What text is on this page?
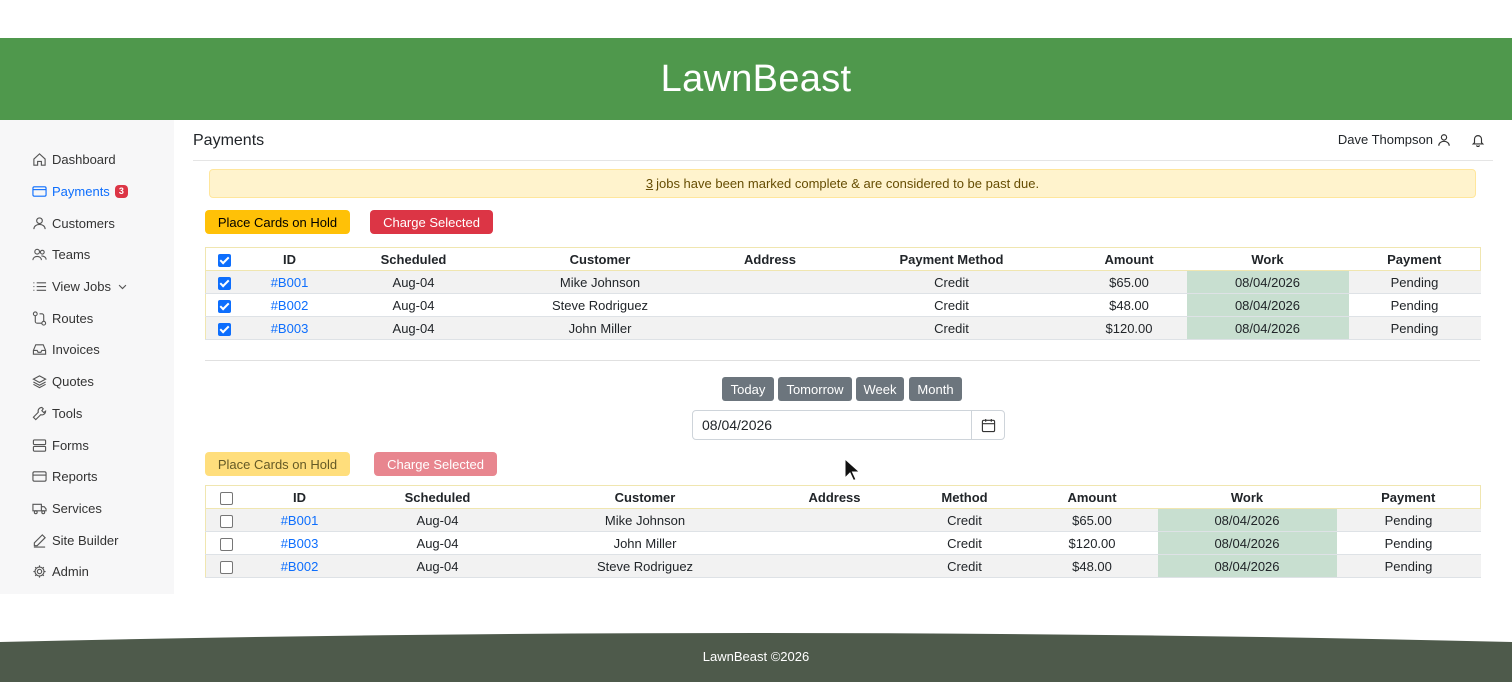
LawnBeast
Dashboard
Payments	3
Customers
Teams
View Jobs
Routes
Invoices
Quotes
Tools
Forms
Reports
Services
Site Builder
Admin
Payments	Dave Thompson
3 jobs have been marked complete & are considered to be past due.
Place Cards on Hold	Charge Selected
	ID	Scheduled	Customer	Address	Payment Method	Amount	Work	Payment
	#B001	Aug-04	Mike Johnson		Credit	$65.00	08/04/2026	Pending
	#B002	Aug-04	Steve Rodriguez		Credit	$48.00	08/04/2026	Pending
	#B003	Aug-04	John Miller		Credit	$120.00	08/04/2026	Pending
Today	Tomorrow	Week	Month
08/04/2026
Place Cards on Hold	Charge Selected
	ID	Scheduled	Customer	Address	Method	Amount	Work	Payment
	#B001	Aug-04	Mike Johnson		Credit	$65.00	08/04/2026	Pending
	#B003	Aug-04	John Miller		Credit	$120.00	08/04/2026	Pending
	#B002	Aug-04	Steve Rodriguez		Credit	$48.00	08/04/2026	Pending
LawnBeast ©2026
